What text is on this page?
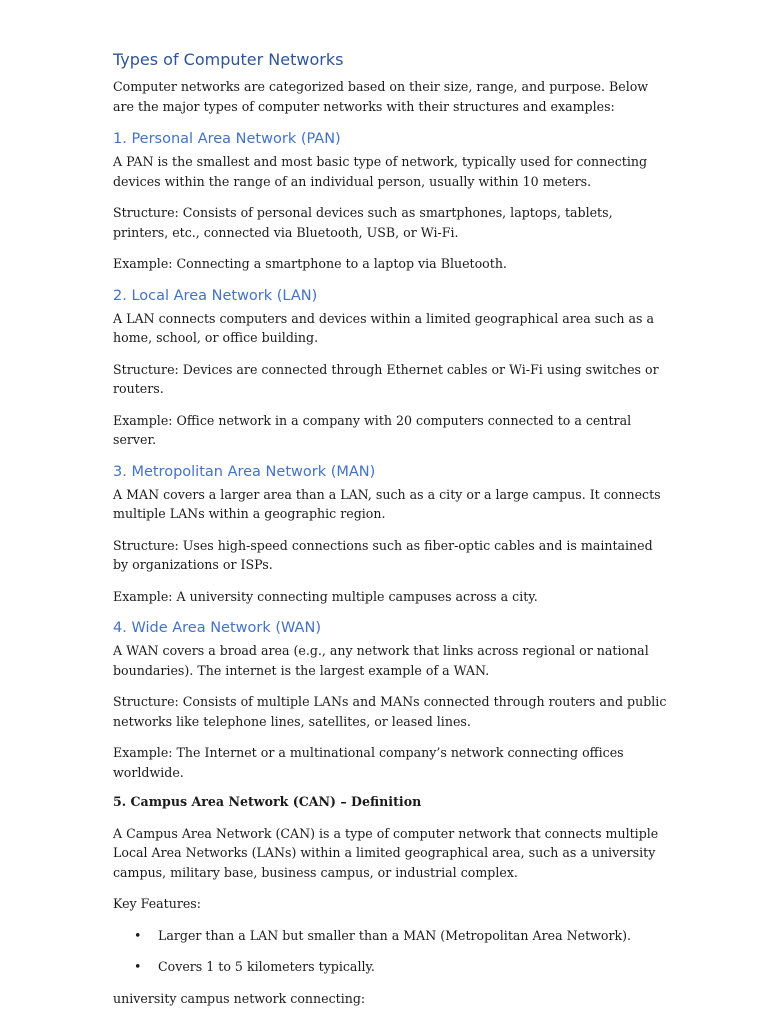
Types of Computer Networks

Computer networks are categorized based on their size, range, and purpose. Below are the major types of computer networks with their structures and examples:

1. Personal Area Network (PAN)

A PAN is the smallest and most basic type of network, typically used for connecting devices within the range of an individual person, usually within 10 meters.

Structure: Consists of personal devices such as smartphones, laptops, tablets, printers, etc., connected via Bluetooth, USB, or Wi-Fi.

Example: Connecting a smartphone to a laptop via Bluetooth.

2. Local Area Network (LAN)

A LAN connects computers and devices within a limited geographical area such as a home, school, or office building.

Structure: Devices are connected through Ethernet cables or Wi-Fi using switches or routers.

Example: Office network in a company with 20 computers connected to a central server.

3. Metropolitan Area Network (MAN)

A MAN covers a larger area than a LAN, such as a city or a large campus. It connects multiple LANs within a geographic region.

Structure: Uses high-speed connections such as fiber-optic cables and is maintained by organizations or ISPs.

Example: A university connecting multiple campuses across a city.

4. Wide Area Network (WAN)

A WAN covers a broad area (e.g., any network that links across regional or national boundaries). The internet is the largest example of a WAN.

Structure: Consists of multiple LANs and MANs connected through routers and public networks like telephone lines, satellites, or leased lines.

Example: The Internet or a multinational company’s network connecting offices worldwide.

5. Campus Area Network (CAN) – Definition

A Campus Area Network (CAN) is a type of computer network that connects multiple Local Area Networks (LANs) within a limited geographical area, such as a university campus, military base, business campus, or industrial complex.

Key Features:

• Larger than a LAN but smaller than a MAN (Metropolitan Area Network).
• Covers 1 to 5 kilometers typically.

university campus network connecting:
